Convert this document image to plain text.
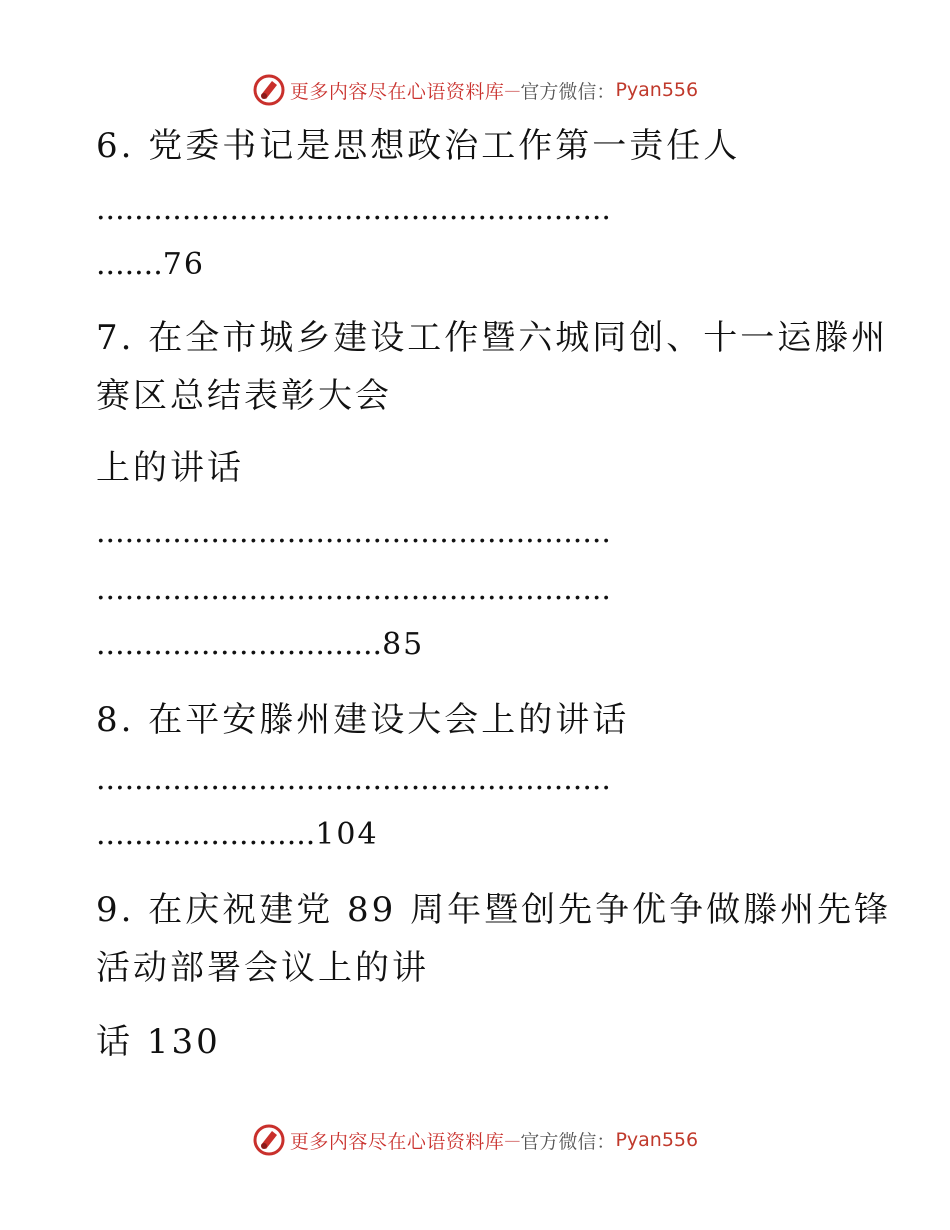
更多内容尽在心语资料库 — 官方微信： Pyan556
6. 党委书记是思想政治工作第一责任人
......................................................
.......76
7. 在全市城乡建设工作暨六城同创、十一运滕州
赛区总结表彰大会
上的讲话
......................................................
......................................................
..............................85
8. 在平安滕州建设大会上的讲话
......................................................
.......................104
9. 在庆祝建党 89 周年暨创先争优争做滕州先锋
活动部署会议上的讲
话 130
更多内容尽在心语资料库 — 官方微信： Pyan556
